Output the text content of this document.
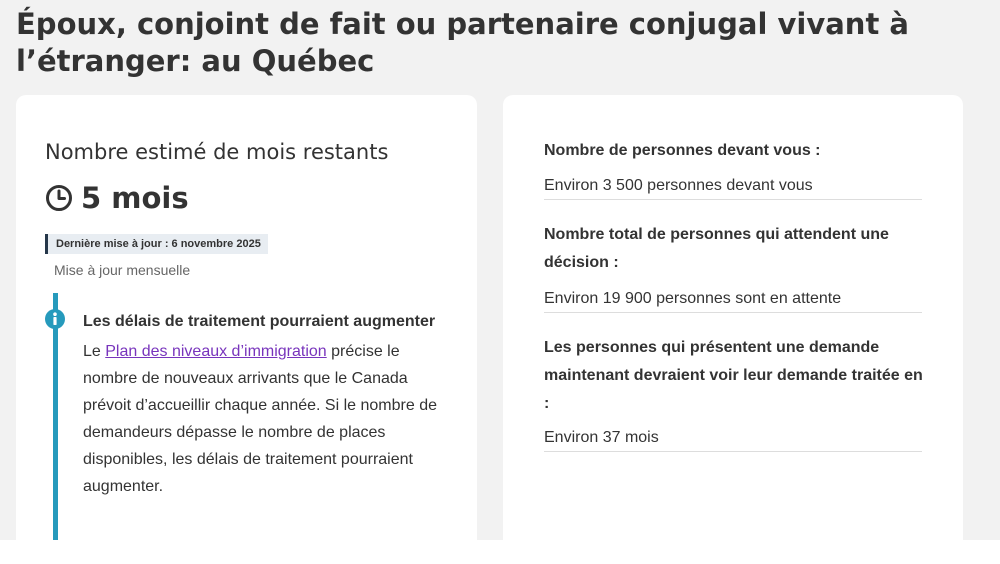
Époux, conjoint de fait ou partenaire conjugal vivant à l’étranger: au Québec
Nombre estimé de mois restants
5 mois
Dernière mise à jour : 6 novembre 2025
Mise à jour mensuelle
Les délais de traitement pourraient augmenter

Le Plan des niveaux d’immigration précise le nombre de nouveaux arrivants que le Canada prévoit d’accueillir chaque année. Si le nombre de demandeurs dépasse le nombre de places disponibles, les délais de traitement pourraient augmenter.

Nombre de personnes devant vous :
Environ 3 500 personnes devant vous
Nombre total de personnes qui attendent une décision :
Environ 19 900 personnes sont en attente
Les personnes qui présentent une demande maintenant devraient voir leur demande traitée en :
Environ 37 mois
